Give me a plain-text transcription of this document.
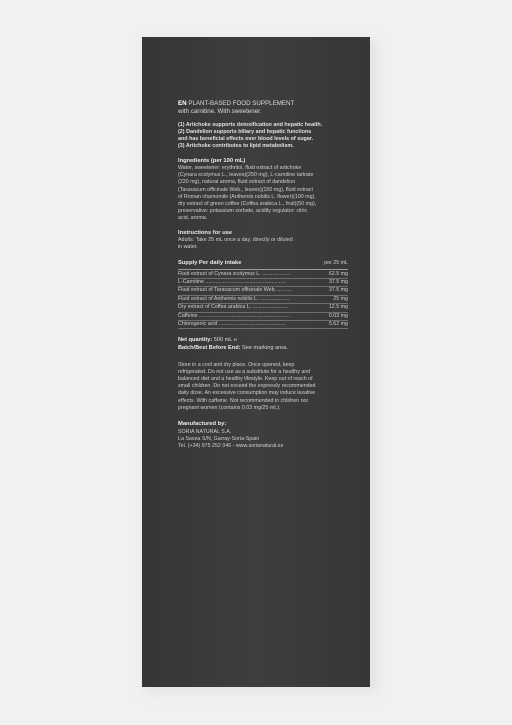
EN PLANT-BASED FOOD SUPPLEMENT
with carnitine. With sweetener.
(1) Artichoke supports detoxification and hepatic health.
(2) Dandelion supports biliary and hepatic functions
and has beneficial effects over blood levels of sugar.
(3) Artichoke contributes to lipid metabolism.
Ingredients (per 100 mL)
Water, sweetener: erythritol, fluid extract of artichoke
(Cynara scolymus L., leaves)(250 mg), L-carnitine tartrate
(220 mg), natural aroma, fluid extract of dandelion
(Taraxacum officinale Web., leaves)(150 mg), fluid extract
of Roman chamomile (Anthemis nobilis L. flower)(100 mg),
dry extract of green coffee (Coffea arabica L., fruit)(50 mg),
preservative: potassium sorbate, acidity regulator: citric
acid, aroma.
Instructions for use
Adults: Take 25 mL once a day, directly or diluted
in water.
Supply Per daily intake	per 25 mL
Fluid extract of Cynara scolymus L. ...................	62.5 mg
L-Carnitine .......................................................	37.5 mg
Fluid extract of Taraxacum officinale Web. ..........	37.5 mg
Fluid extract of Anthemis nobilis L. ....................	25 mg
Dry extract of Coffea arabica L. ........................	12.5 mg
Caffeine .............................................................	0.03 mg
Chlorogenic acid .............................................	5.62 mg
Net quantity: 500 mL ℮
Batch/Best Before End: See marking area.
Store in a cool and dry place. Once opened, keep
refrigerated. Do not use as a substitute for a healthy and
balanced diet and a healthy lifestyle. Keep out of reach of
small children. Do not exceed the expressly recommended
daily dose. An excessive consumption may induce laxative
effects. With caffeine. Not recommended in children nor
pregnant women (contains 0.03 mg/25 mL).
Manufactured by:
SORIA NATURAL S.A.
La Sacea S/N, Garray-Soria-Spain
Tel. (+34) 975 252 046 - www.sorianatural.es
